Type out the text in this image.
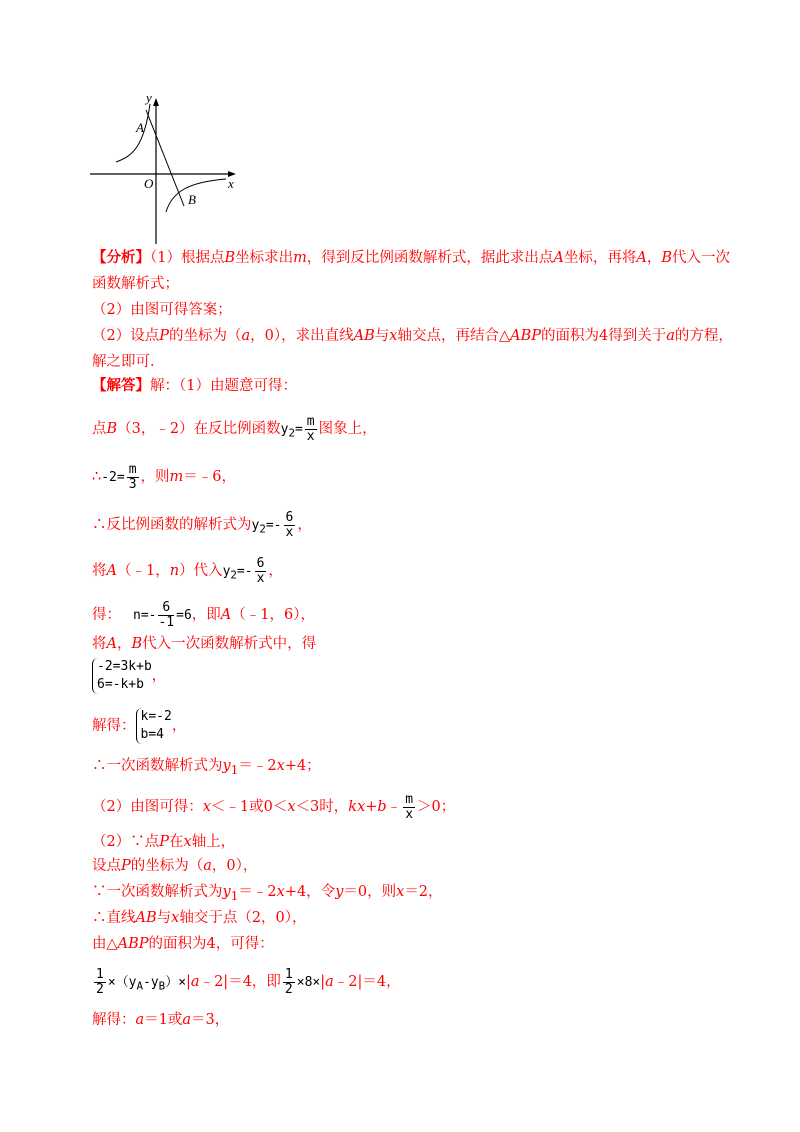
y
x
O
A
B
【分析】（1）根据点B坐标求出m，得到反比例函数解析式，据此求出点A坐标，再将A，B代入一次
函数解析式；
（2）由图可得答案；
（2）设点P的坐标为（a，0），求出直线AB与x轴交点，再结合△ABP的面积为4得到关于a的方程，
解之即可．
【解答】解：（1）由题意可得：
点B（3，﹣2）在反比例函数$y_2= \frac{m}{x}$ 图象上，
∴-2= $\frac{m}{3}$ ，则m＝﹣6，
∴反比例函数的解析式为$y_2=- \frac{6}{x}$ ，
将A（﹣1，n）代入$y_2=- \frac{6}{x}$ ，
得： $n=- \frac{6}{-1} =6$，即A（﹣1，6），
将A，B代入一次函数解析式中，得
-2=3k+b
6=-k+b
，
解得：
k=-2
b=4
，
∴一次函数解析式为$y_1=﹣2x+4$；
（2）由图可得：x＜﹣1或0＜x＜3时，kx+b﹣ $\frac{m}{x} >0$；
（2）∵点P在x轴上，
设点P的坐标为（a，0），
∵一次函数解析式为$y_1=﹣2x+4$，令y＝0，则x＝2，
∴直线AB与x轴交于点（2，0），
由△ABP的面积为4，可得：
$\frac{1}{2}$ $\times(y_A-y_B)\times|a﹣2|=4$，即 $\frac{1}{2}$ ×8×|a﹣2|＝4，
解得：a＝1或a＝3，
